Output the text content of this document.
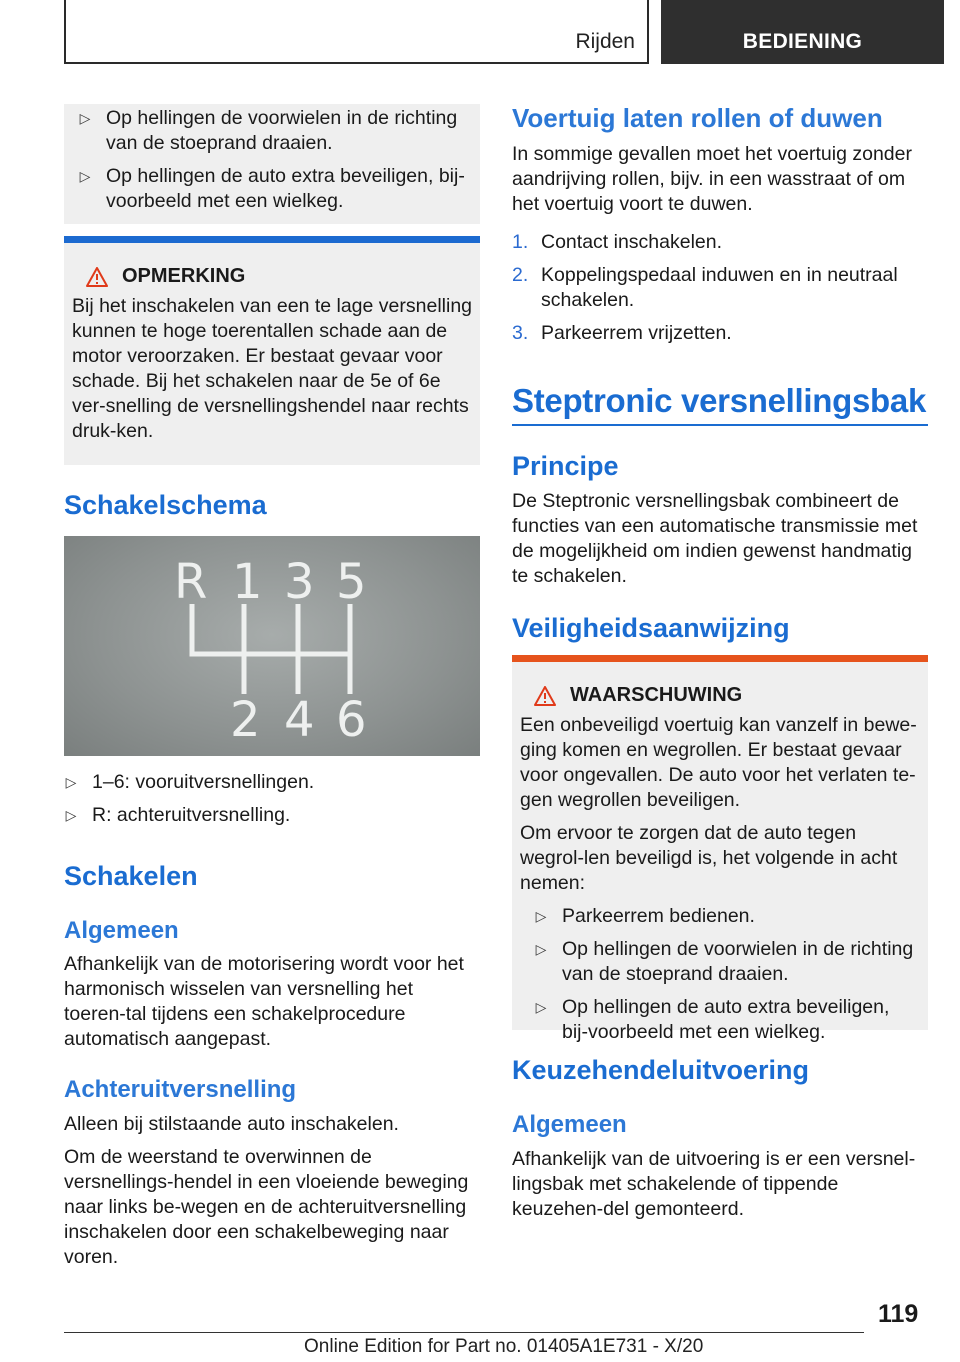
Rijden	BEDIENING
▷ Op hellingen de voorwielen in de richting van de stoeprand draaien.
▷ Op hellingen de auto extra beveiligen, bij-voorbeeld met een wielkeg.
OPMERKING
Bij het inschakelen van een te lage versnelling kunnen te hoge toerentallen schade aan de motor veroorzaken. Er bestaat gevaar voor schade. Bij het schakelen naar de 5e of 6e ver-snelling de versnellingshendel naar rechts druk-ken.
Schakelschema
R 1 3 5
2 4 6
▷ 1–6: vooruitversnellingen.
▷ R: achteruitversnelling.
Schakelen
Algemeen
Afhankelijk van de motorisering wordt voor het harmonisch wisselen van versnelling het toeren-tal tijdens een schakelprocedure automatisch aangepast.
Achteruitversnelling
Alleen bij stilstaande auto inschakelen.
Om de weerstand te overwinnen de versnellings-hendel in een vloeiende beweging naar links be-wegen en de achteruitversnelling inschakelen door een schakelbeweging naar voren.
Voertuig laten rollen of duwen
In sommige gevallen moet het voertuig zonder aandrijving rollen, bijv. in een wasstraat of om het voertuig voort te duwen.
1. Contact inschakelen.
2. Koppelingspedaal induwen en in neutraal schakelen.
3. Parkeerrem vrijzetten.
Steptronic versnellingsbak
Principe
De Steptronic versnellingsbak combineert de functies van een automatische transmissie met de mogelijkheid om indien gewenst handmatig te schakelen.
Veiligheidsaanwijzing
WAARSCHUWING
Een onbeveiligd voertuig kan vanzelf in bewe-ging komen en wegrollen. Er bestaat gevaar voor ongevallen. De auto voor het verlaten te-gen wegrollen beveiligen.
Om ervoor te zorgen dat de auto tegen wegrol-len beveiligd is, het volgende in acht nemen:
▷ Parkeerrem bedienen.
▷ Op hellingen de voorwielen in de richting van de stoeprand draaien.
▷ Op hellingen de auto extra beveiligen, bij-voorbeeld met een wielkeg.
Keuzehendeluitvoering
Algemeen
Afhankelijk van de uitvoering is er een versnel-lingsbak met schakelende of tippende keuzehen-del gemonteerd.
119
Online Edition for Part no. 01405A1E731 - X/20
